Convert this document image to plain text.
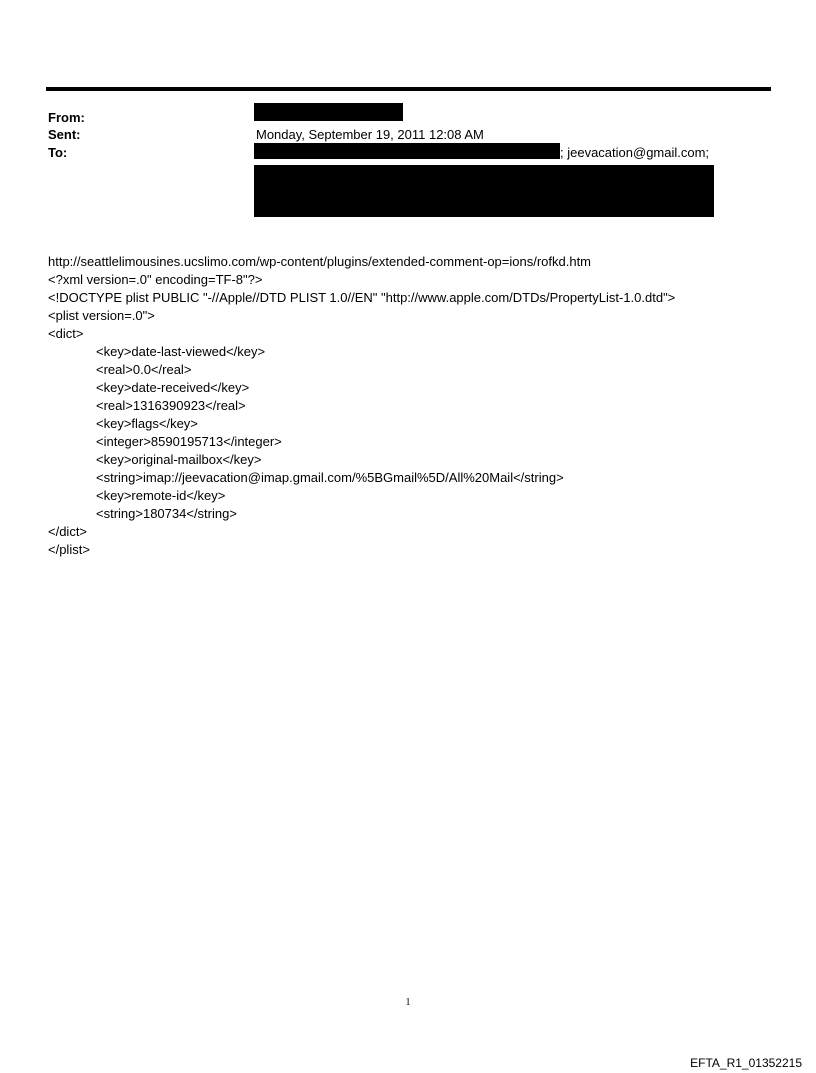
From:
Sent:	Monday, September 19, 2011 12:08 AM
To:	; jeevacation@gmail.com;
http://seattlelimousines.ucslimo.com/wp-content/plugins/extended-comment-op=ions/rofkd.htm
<?xml version=.0" encoding=TF-8"?>
<!DOCTYPE plist PUBLIC "-//Apple//DTD PLIST 1.0//EN" "http://www.apple.com/DTDs/PropertyList-1.0.dtd">
<plist version=.0">
<dict>
<key>date-last-viewed</key>
<real>0.0</real>
<key>date-received</key>
<real>1316390923</real>
<key>flags</key>
<integer>8590195713</integer>
<key>original-mailbox</key>
<string>imap://jeevacation@imap.gmail.com/%5BGmail%5D/All%20Mail</string>
<key>remote-id</key>
<string>180734</string>
</dict>
</plist>
1
EFTA_R1_01352215
